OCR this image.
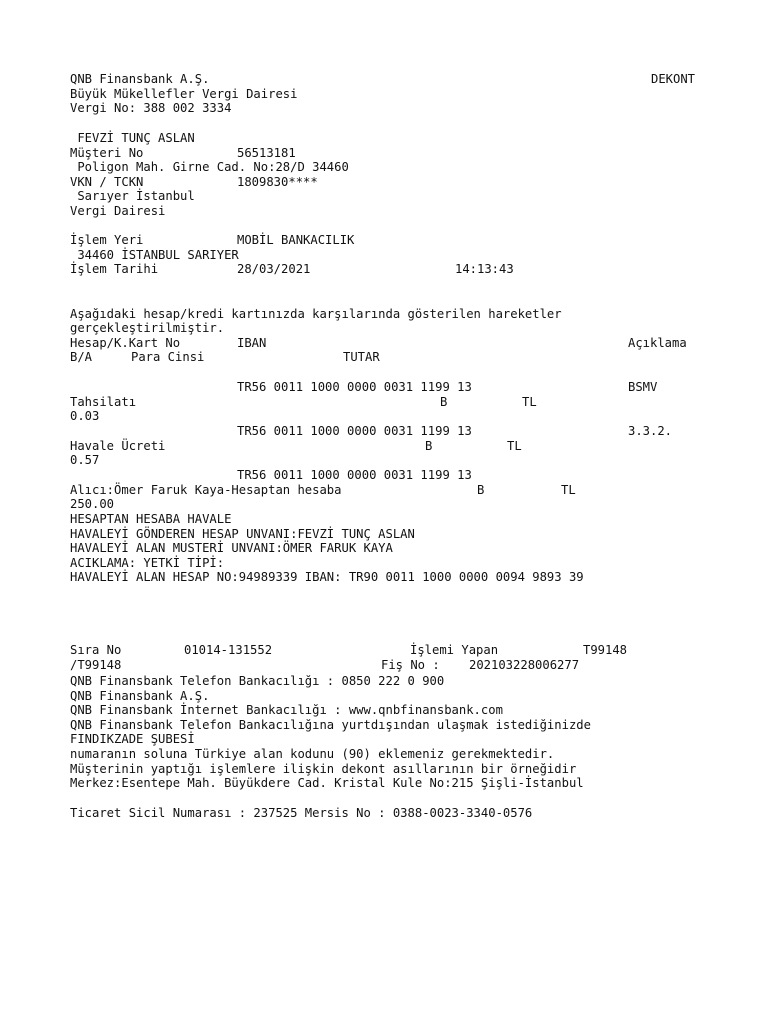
QNB Finansbank A.Ş.	DEKONT
Büyük Mükellefler Vergi Dairesi
Vergi No: 388 002 3334
FEVZİ TUNÇ ASLAN
Müşteri No	56513181
Poligon Mah. Girne Cad. No:28/D 34460
VKN / TCKN	1809830****
Sarıyer İstanbul
Vergi Dairesi
İşlem Yeri	MOBİL BANKACILIK
34460 İSTANBUL SARIYER
İşlem Tarihi	28/03/2021	14:13:43
Aşağıdaki hesap/kredi kartınızda karşılarında gösterilen hareketler
gerçekleştirilmiştir.
Hesap/K.Kart No	IBAN	Açıklama
B/A	Para Cinsi	TUTAR
TR56 0011 1000 0000 0031 1199 13	BSMV
Tahsilatı	B	TL
0.03
TR56 0011 1000 0000 0031 1199 13	3.3.2.
Havale Ücreti	B	TL
0.57
TR56 0011 1000 0000 0031 1199 13
Alıcı:Ömer Faruk Kaya-Hesaptan hesaba	B	TL
250.00
HESAPTAN HESABA HAVALE
HAVALEYİ GÖNDEREN HESAP UNVANI:FEVZİ TUNÇ ASLAN
HAVALEYİ ALAN MUSTERİ UNVANI:ÖMER FARUK KAYA
ACIKLAMA: YETKİ TİPİ:
HAVALEYİ ALAN HESAP NO:94989339 IBAN: TR90 0011 1000 0000 0094 9893 39
Sıra No	01014-131552	İşlemi Yapan	T99148
/T99148	Fiş No : 202103228006277
QNB Finansbank Telefon Bankacılığı : 0850 222 0 900
QNB Finansbank A.Ş.
QNB Finansbank İnternet Bankacılığı : www.qnbfinansbank.com
QNB Finansbank Telefon Bankacılığına yurtdışından ulaşmak istediğinizde
FINDIKZADE ŞUBESİ
numaranın soluna Türkiye alan kodunu (90) eklemeniz gerekmektedir.
Müşterinin yaptığı işlemlere ilişkin dekont asıllarının bir örneğidir
Merkez:Esentepe Mah. Büyükdere Cad. Kristal Kule No:215 Şişli-İstanbul
Ticaret Sicil Numarası : 237525 Mersis No : 0388-0023-3340-0576
